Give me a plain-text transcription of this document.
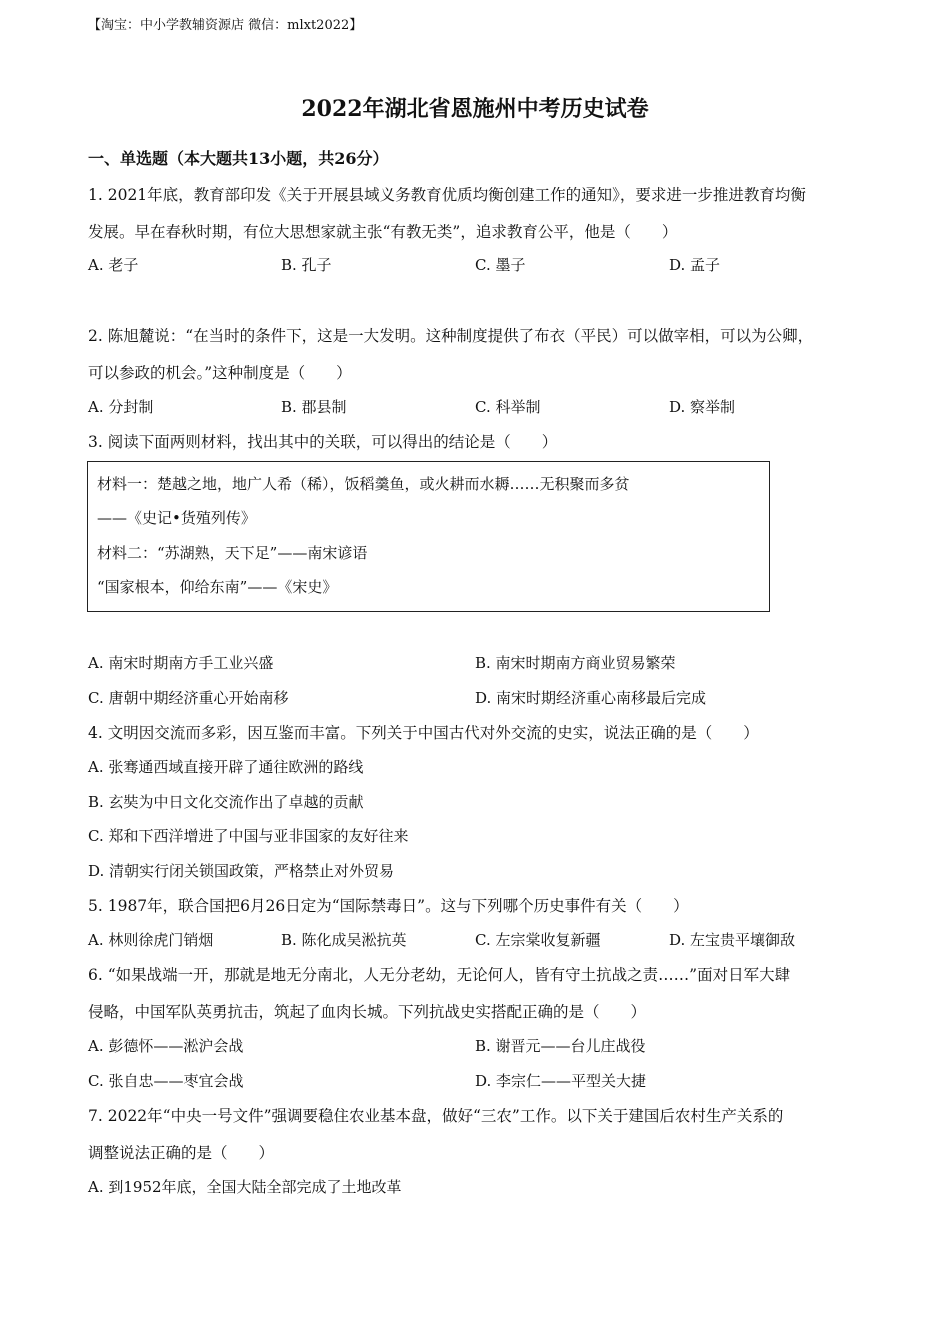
【淘宝：中小学教辅资源店 微信：mlxt2022】
2022年湖北省恩施州中考历史试卷
一、单选题（本大题共13小题，共26分）
1. 2021年底，教育部印发《关于开展县域义务教育优质均衡创建工作的通知》，要求进一步推进教育均衡
发展。早在春秋时期，有位大思想家就主张“有教无类”，追求教育公平，他是（　　）
A. 老子	B. 孔子	C. 墨子	D. 孟子
2. 陈旭麓说：“在当时的条件下，这是一大发明。这种制度提供了布衣（平民）可以做宰相，可以为公卿，
可以参政的机会。”这种制度是（　　）
A. 分封制	B. 郡县制	C. 科举制	D. 察举制
3. 阅读下面两则材料，找出其中的关联，可以得出的结论是（　　）
材料一：楚越之地，地广人希（稀），饭稻羹鱼，或火耕而水耨……无积聚而多贫
——《史记•货殖列传》
材料二：“苏湖熟，天下足”——南宋谚语
“国家根本，仰给东南”——《宋史》
A. 南宋时期南方手工业兴盛	B. 南宋时期南方商业贸易繁荣
C. 唐朝中期经济重心开始南移	D. 南宋时期经济重心南移最后完成
4. 文明因交流而多彩，因互鉴而丰富。下列关于中国古代对外交流的史实，说法正确的是（　　）
A. 张骞通西域直接开辟了通往欧洲的路线
B. 玄奘为中日文化交流作出了卓越的贡献
C. 郑和下西洋增进了中国与亚非国家的友好往来
D. 清朝实行闭关锁国政策，严格禁止对外贸易
5. 1987年，联合国把6月26日定为“国际禁毒日”。这与下列哪个历史事件有关（　　）
A. 林则徐虎门销烟	B. 陈化成吴淞抗英	C. 左宗棠收复新疆	D. 左宝贵平壤御敌
6. “如果战端一开，那就是地无分南北，人无分老幼，无论何人，皆有守土抗战之责……”面对日军大肆
侵略，中国军队英勇抗击，筑起了血肉长城。下列抗战史实搭配正确的是（　　）
A. 彭德怀——淞沪会战	B. 谢晋元——台儿庄战役
C. 张自忠——枣宜会战	D. 李宗仁——平型关大捷
7. 2022年“中央一号文件”强调要稳住农业基本盘，做好“三农”工作。以下关于建国后农村生产关系的
调整说法正确的是（　　）
A. 到1952年底，全国大陆全部完成了土地改革
